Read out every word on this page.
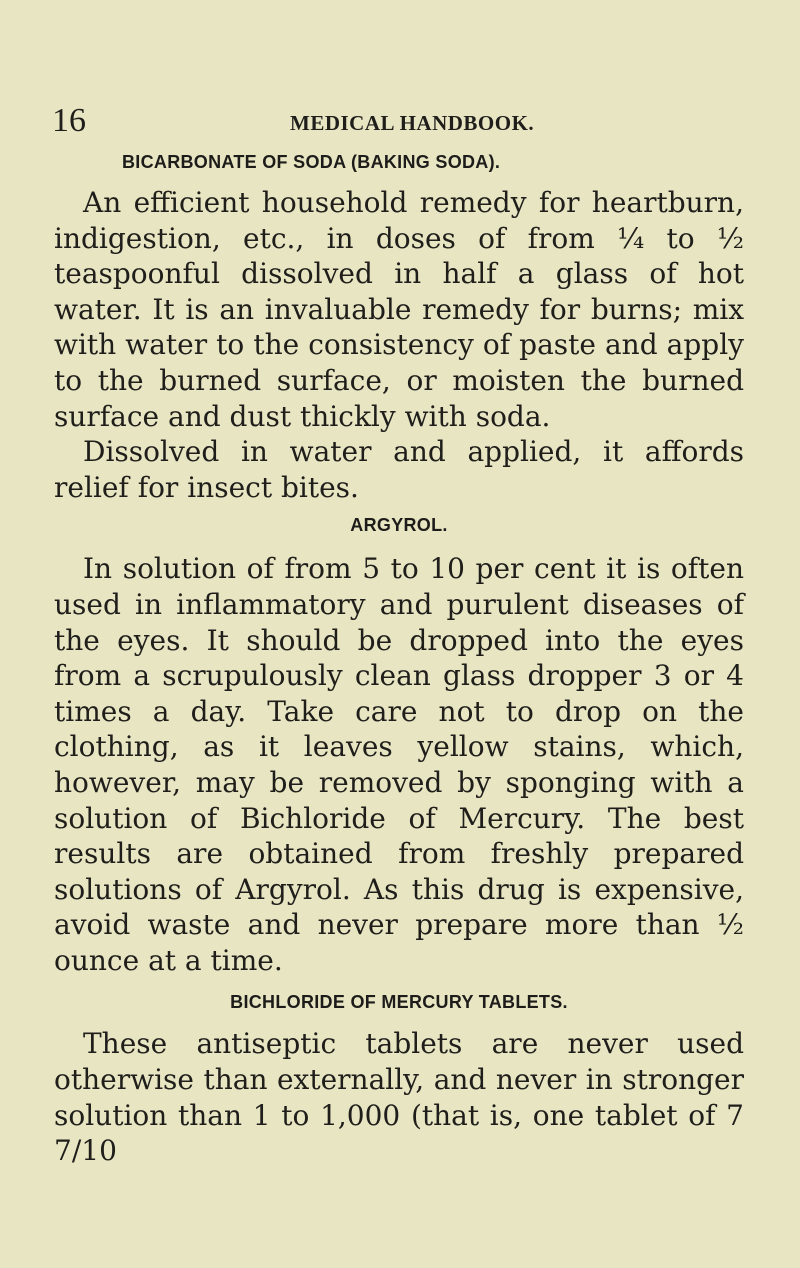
16	MEDICAL HANDBOOK.
BICARBONATE OF SODA (BAKING SODA).

An efficient household remedy for heartburn, indigestion, etc., in doses of from ¼ to ½ teaspoonful dissolved in half a glass of hot water. It is an invaluable remedy for burns; mix with water to the consistency of paste and apply to the burned surface, or moisten the burned surface and dust thickly with soda.

Dissolved in water and applied, it affords relief for insect bites.

ARGYROL.

In solution of from 5 to 10 per cent it is often used in inflammatory and purulent diseases of the eyes. It should be dropped into the eyes from a scrupulously clean glass dropper 3 or 4 times a day. Take care not to drop on the clothing, as it leaves yellow stains, which, however, may be removed by sponging with a solution of Bichloride of Mercury. The best results are obtained from freshly prepared solutions of Argyrol. As this drug is expensive, avoid waste and never prepare more than ½ ounce at a time.

BICHLORIDE OF MERCURY TABLETS.

These antiseptic tablets are never used otherwise than externally, and never in stronger solution than 1 to 1,000 (that is, one tablet of 7 7/10
